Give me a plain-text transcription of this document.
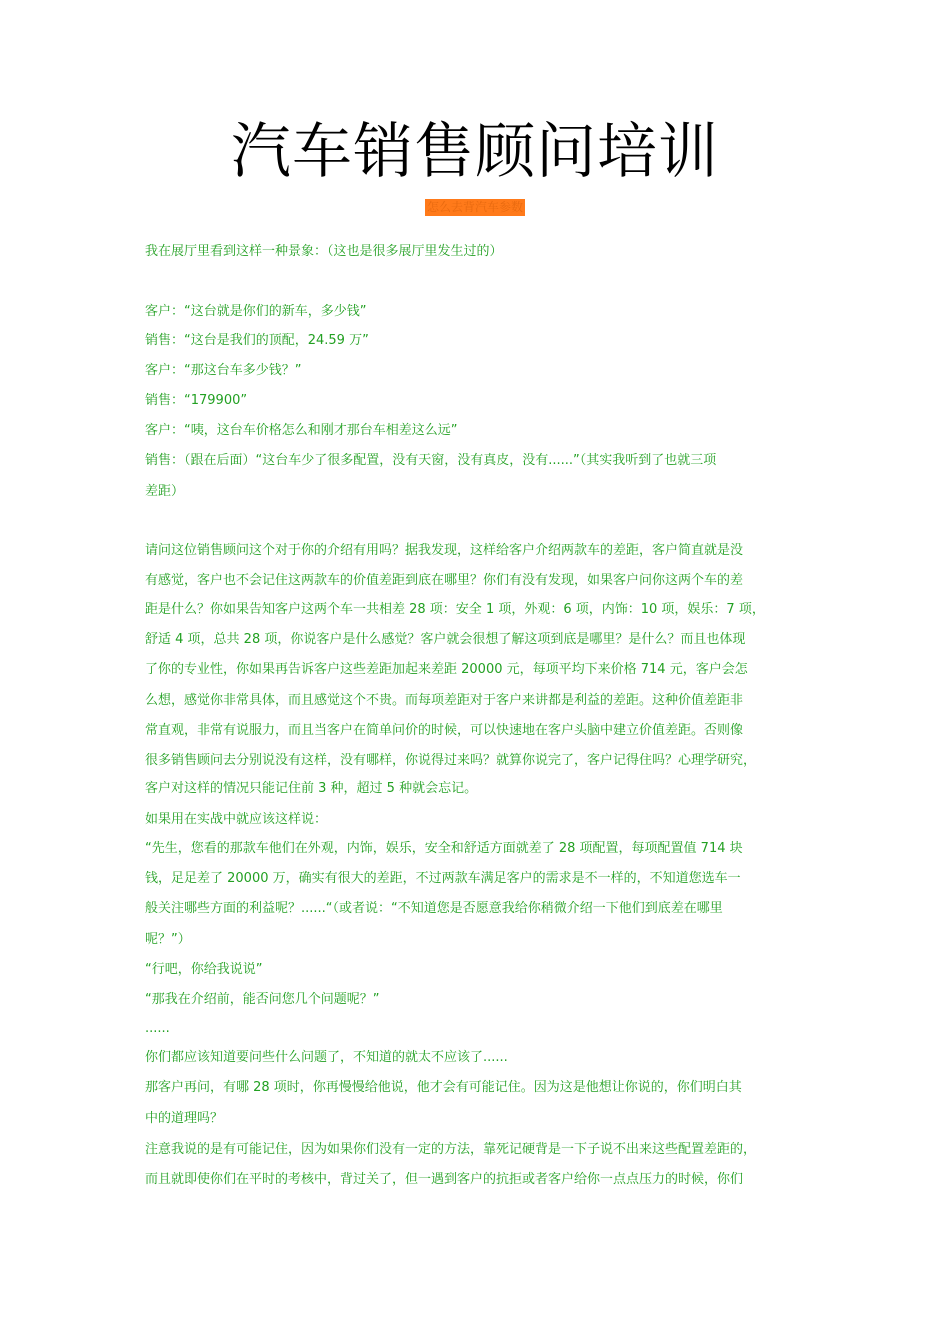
汽车销售顾问培训
怎么去背汽车参数

我在展厅里看到这样一种景象：（这也是很多展厅里发生过的）

客户：“这台就是你们的新车，多少钱”

销售：“这台是我们的顶配，24.59 万”

客户：“那这台车多少钱？”

销售：“179900”

客户：“咦，这台车价格怎么和刚才那台车相差这么远”

销售：（跟在后面）“这台车少了很多配置，没有天窗，没有真皮，没有......”（其实我听到了也就三项

差距）

请问这位销售顾问这个对于你的介绍有用吗？据我发现，这样给客户介绍两款车的差距，客户简直就是没

有感觉，客户也不会记住这两款车的价值差距到底在哪里？你们有没有发现，如果客户问你这两个车的差

距是什么？你如果告知客户这两个车一共相差 28 项：安全 1 项，外观：6 项，内饰：10 项，娱乐：7 项，

舒适 4 项，总共 28 项，你说客户是什么感觉？客户就会很想了解这项到底是哪里？是什么？而且也体现

了你的专业性，你如果再告诉客户这些差距加起来差距 20000 元，每项平均下来价格 714 元，客户会怎

么想，感觉你非常具体，而且感觉这个不贵。而每项差距对于客户来讲都是利益的差距。这种价值差距非

常直观，非常有说服力，而且当客户在简单问价的时候，可以快速地在客户头脑中建立价值差距。否则像

很多销售顾问去分别说没有这样，没有哪样，你说得过来吗？就算你说完了，客户记得住吗？心理学研究，

客户对这样的情况只能记住前 3 种，超过 5 种就会忘记。

如果用在实战中就应该这样说：

“先生，您看的那款车他们在外观，内饰，娱乐，安全和舒适方面就差了 28 项配置，每项配置值 714 块

钱，足足差了 20000 万，确实有很大的差距，不过两款车满足客户的需求是不一样的，不知道您选车一

般关注哪些方面的利益呢？......“（或者说：“不知道您是否愿意我给你稍微介绍一下他们到底差在哪里

呢？”）

“行吧，你给我说说”

“那我在介绍前，能否问您几个问题呢？”

......

你们都应该知道要问些什么问题了，不知道的就太不应该了......

那客户再问，有哪 28 项时，你再慢慢给他说，他才会有可能记住。因为这是他想让你说的，你们明白其

中的道理吗？

注意我说的是有可能记住，因为如果你们没有一定的方法，靠死记硬背是一下子说不出来这些配置差距的，

而且就即使你们在平时的考核中，背过关了，但一遇到客户的抗拒或者客户给你一点点压力的时候，你们
